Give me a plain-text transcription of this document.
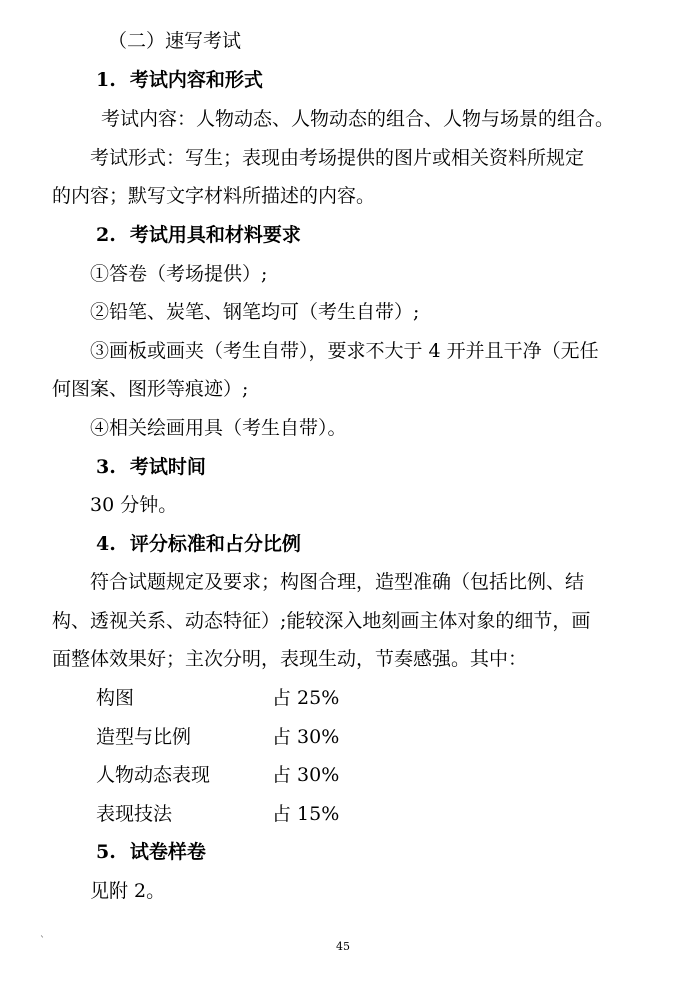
（二）速写考试
1. 考试内容和形式
考试内容：人物动态、人物动态的组合、人物与场景的组合。
考试形式：写生；表现由考场提供的图片或相关资料所规定
的内容；默写文字材料所描述的内容。
2. 考试用具和材料要求
①答卷（考场提供）;
②铅笔、炭笔、钢笔均可（考生自带）;
③画板或画夹（考生自带），要求不大于 4 开并且干净（无任
何图案、图形等痕迹）;
④相关绘画用具（考生自带）。
3. 考试时间
30 分钟。
4. 评分标准和占分比例
符合试题规定及要求；构图合理，造型准确（包括比例、结
构、透视关系、动态特征）;能较深入地刻画主体对象的细节，画
面整体效果好；主次分明，表现生动，节奏感强。其中：
构图	占 25%
造型与比例	占 30%
人物动态表现	占 30%
表现技法	占 15%
5. 试卷样卷
见附 2。
`	45
